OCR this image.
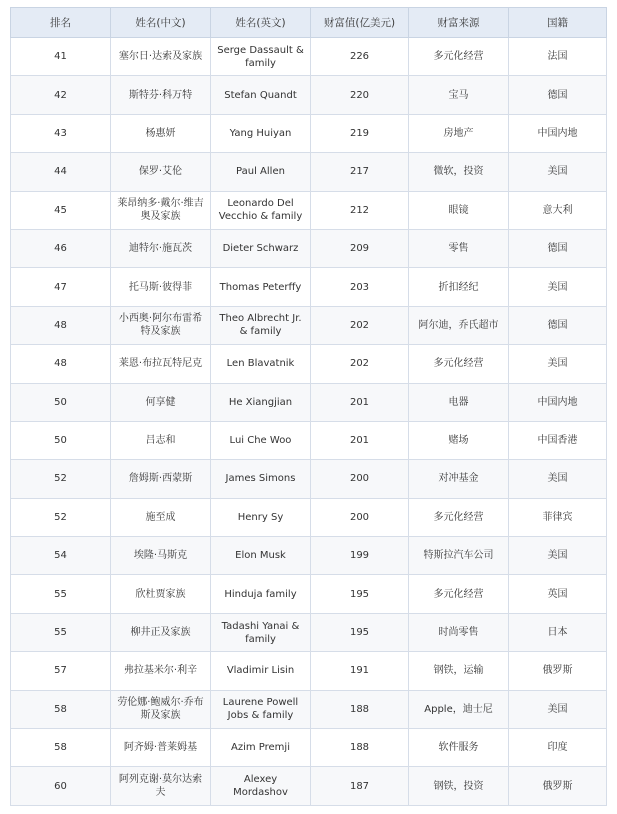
排名	姓名(中文)	姓名(英文)	财富值(亿美元)	财富来源	国籍
41	塞尔日·达索及家族	Serge Dassault & family	226	多元化经营	法国
42	斯特芬·科万特	Stefan Quandt	220	宝马	德国
43	杨惠妍	Yang Huiyan	219	房地产	中国内地
44	保罗·艾伦	Paul Allen	217	微软，投资	美国
45	莱昂纳多·戴尔·维吉奥及家族	Leonardo Del Vecchio & family	212	眼镜	意大利
46	迪特尔·施瓦茨	Dieter Schwarz	209	零售	德国
47	托马斯·彼得菲	Thomas Peterffy	203	折扣经纪	美国
48	小西奥·阿尔布雷希特及家族	Theo Albrecht Jr. & family	202	阿尔迪，乔氏超市	德国
48	莱恩·布拉瓦特尼克	Len Blavatnik	202	多元化经营	美国
50	何享健	He Xiangjian	201	电器	中国内地
50	吕志和	Lui Che Woo	201	赌场	中国香港
52	詹姆斯·西蒙斯	James Simons	200	对冲基金	美国
52	施至成	Henry Sy	200	多元化经营	菲律宾
54	埃隆·马斯克	Elon Musk	199	特斯拉汽车公司	美国
55	欣杜贾家族	Hinduja family	195	多元化经营	英国
55	柳井正及家族	Tadashi Yanai & family	195	时尚零售	日本
57	弗拉基米尔·利辛	Vladimir Lisin	191	钢铁，运输	俄罗斯
58	劳伦娜·鲍威尔·乔布斯及家族	Laurene Powell Jobs & family	188	Apple，迪士尼	美国
58	阿齐姆·普莱姆基	Azim Premji	188	软件服务	印度
60	阿列克谢·莫尔达索夫	Alexey Mordashov	187	钢铁，投资	俄罗斯
